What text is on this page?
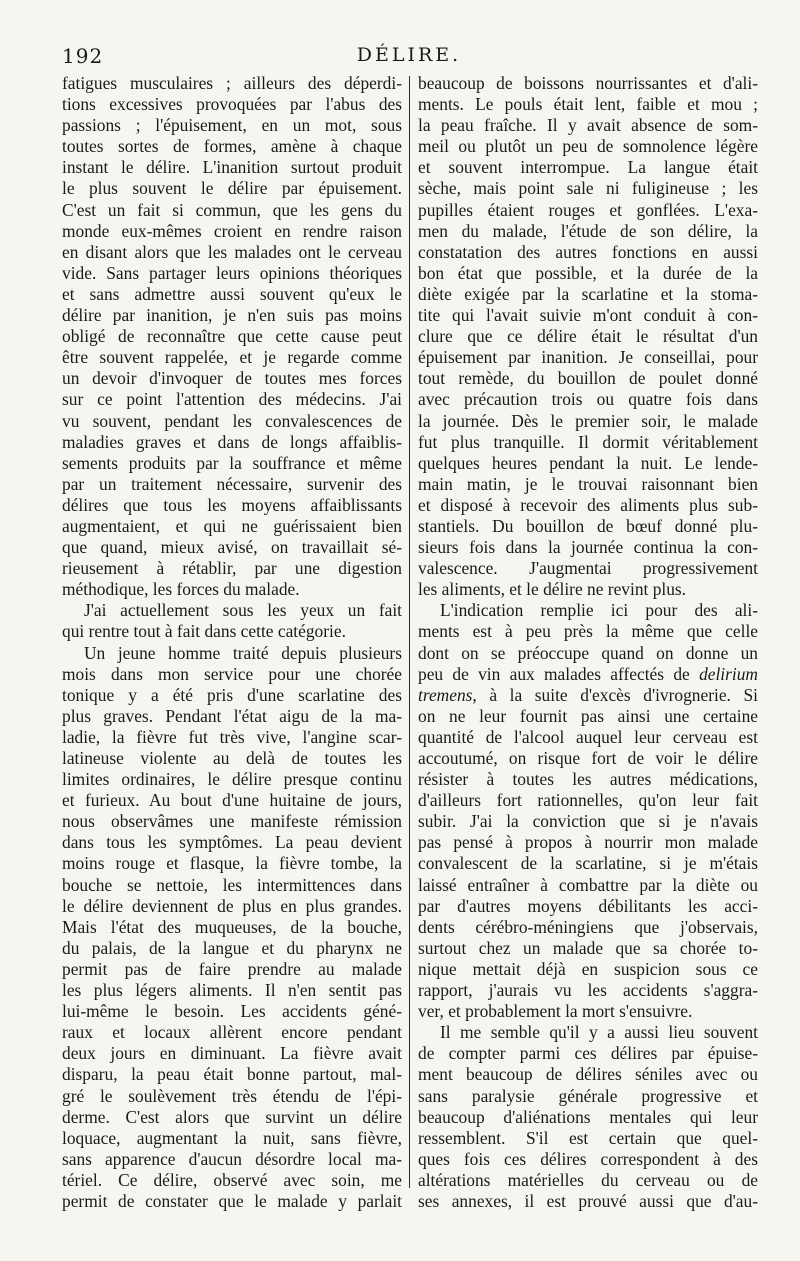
192	DÉLIRE.
fatigues musculaires ; ailleurs des déperdi-
tions excessives provoquées par l'abus des
passions ; l'épuisement, en un mot, sous
toutes sortes de formes, amène à chaque
instant le délire. L'inanition surtout produit
le plus souvent le délire par épuisement.
C'est un fait si commun, que les gens du
monde eux-mêmes croient en rendre raison
en disant alors que les malades ont le cerveau
vide. Sans partager leurs opinions théoriques
et sans admettre aussi souvent qu'eux le
délire par inanition, je n'en suis pas moins
obligé de reconnaître que cette cause peut
être souvent rappelée, et je regarde comme
un devoir d'invoquer de toutes mes forces
sur ce point l'attention des médecins. J'ai
vu souvent, pendant les convalescences de
maladies graves et dans de longs affaiblis-
sements produits par la souffrance et même
par un traitement nécessaire, survenir des
délires que tous les moyens affaiblissants
augmentaient, et qui ne guérissaient bien
que quand, mieux avisé, on travaillait sé-
rieusement à rétablir, par une digestion
méthodique, les forces du malade.
J'ai actuellement sous les yeux un fait
qui rentre tout à fait dans cette catégorie.
Un jeune homme traité depuis plusieurs
mois dans mon service pour une chorée
tonique y a été pris d'une scarlatine des
plus graves. Pendant l'état aigu de la ma-
ladie, la fièvre fut très vive, l'angine scar-
latineuse violente au delà de toutes les
limites ordinaires, le délire presque continu
et furieux. Au bout d'une huitaine de jours,
nous observâmes une manifeste rémission
dans tous les symptômes. La peau devient
moins rouge et flasque, la fièvre tombe, la
bouche se nettoie, les intermittences dans
le délire deviennent de plus en plus grandes.
Mais l'état des muqueuses, de la bouche,
du palais, de la langue et du pharynx ne
permit pas de faire prendre au malade
les plus légers aliments. Il n'en sentit pas
lui-même le besoin. Les accidents géné-
raux et locaux allèrent encore pendant
deux jours en diminuant. La fièvre avait
disparu, la peau était bonne partout, mal-
gré le soulèvement très étendu de l'épi-
derme. C'est alors que survint un délire
loquace, augmentant la nuit, sans fièvre,
sans apparence d'aucun désordre local ma-
tériel. Ce délire, observé avec soin, me
permit de constater que le malade y parlait
beaucoup de boissons nourrissantes et d'ali-
ments. Le pouls était lent, faible et mou ;
la peau fraîche. Il y avait absence de som-
meil ou plutôt un peu de somnolence légère
et souvent interrompue. La langue était
sèche, mais point sale ni fuligineuse ; les
pupilles étaient rouges et gonflées. L'exa-
men du malade, l'étude de son délire, la
constatation des autres fonctions en aussi
bon état que possible, et la durée de la
diète exigée par la scarlatine et la stoma-
tite qui l'avait suivie m'ont conduit à con-
clure que ce délire était le résultat d'un
épuisement par inanition. Je conseillai, pour
tout remède, du bouillon de poulet donné
avec précaution trois ou quatre fois dans
la journée. Dès le premier soir, le malade
fut plus tranquille. Il dormit véritablement
quelques heures pendant la nuit. Le lende-
main matin, je le trouvai raisonnant bien
et disposé à recevoir des aliments plus sub-
stantiels. Du bouillon de bœuf donné plu-
sieurs fois dans la journée continua la con-
valescence. J'augmentai progressivement
les aliments, et le délire ne revint plus.
L'indication remplie ici pour des ali-
ments est à peu près la même que celle
dont on se préoccupe quand on donne un
peu de vin aux malades affectés de delirium
tremens, à la suite d'excès d'ivrognerie. Si
on ne leur fournit pas ainsi une certaine
quantité de l'alcool auquel leur cerveau est
accoutumé, on risque fort de voir le délire
résister à toutes les autres médications,
d'ailleurs fort rationnelles, qu'on leur fait
subir. J'ai la conviction que si je n'avais
pas pensé à propos à nourrir mon malade
convalescent de la scarlatine, si je m'étais
laissé entraîner à combattre par la diète ou
par d'autres moyens débilitants les acci-
dents cérébro-méningiens que j'observais,
surtout chez un malade que sa chorée to-
nique mettait déjà en suspicion sous ce
rapport, j'aurais vu les accidents s'aggra-
ver, et probablement la mort s'ensuivre.
Il me semble qu'il y a aussi lieu souvent
de compter parmi ces délires par épuise-
ment beaucoup de délires séniles avec ou
sans paralysie générale progressive et
beaucoup d'aliénations mentales qui leur
ressemblent. S'il est certain que quel-
ques fois ces délires correspondent à des
altérations matérielles du cerveau ou de
ses annexes, il est prouvé aussi que d'au-
